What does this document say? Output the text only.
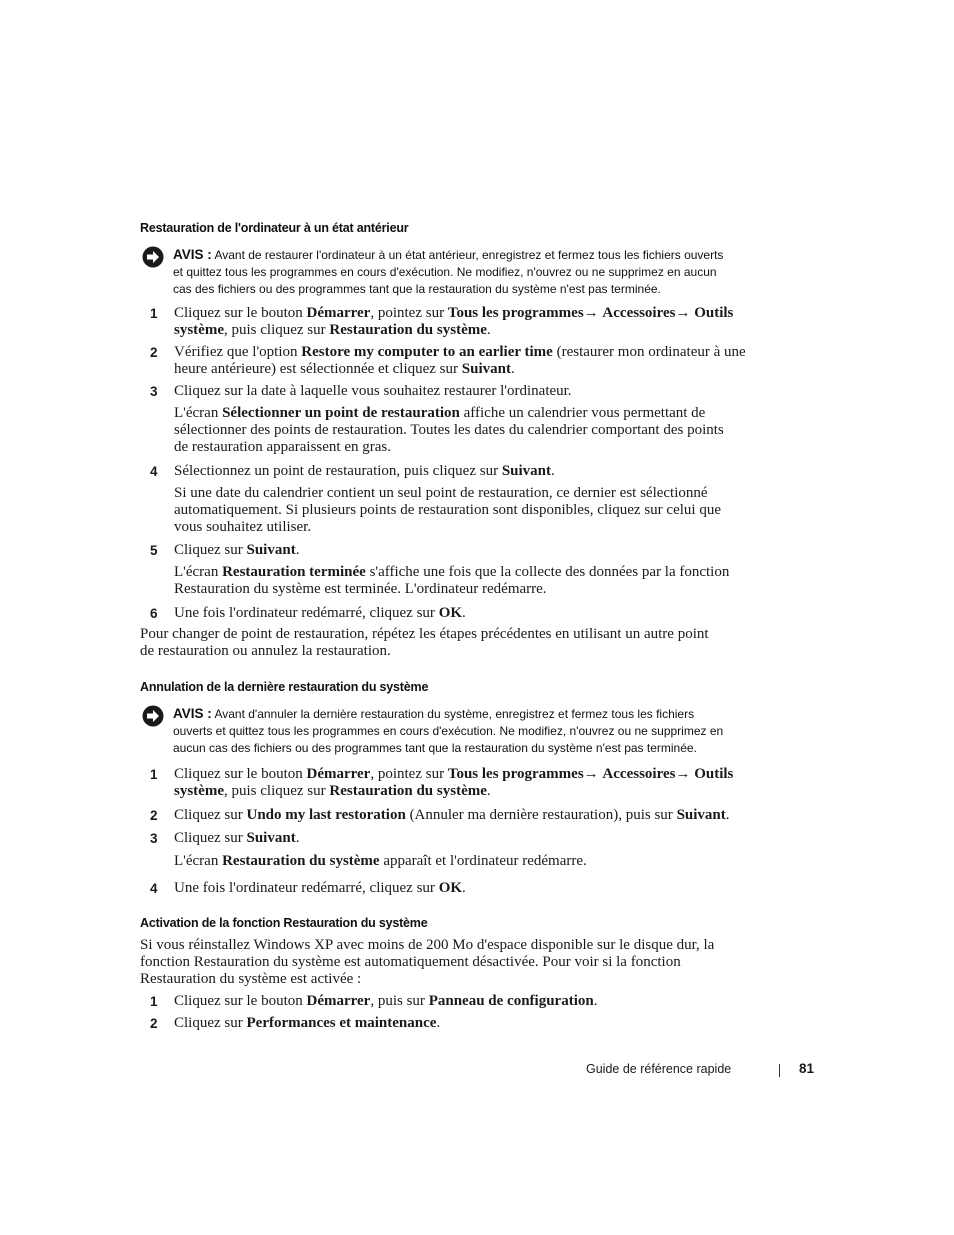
Restauration de l'ordinateur à un état antérieur
AVIS : Avant de restaurer l'ordinateur à un état antérieur, enregistrez et fermez tous les fichiers ouverts
et quittez tous les programmes en cours d'exécution. Ne modifiez, n'ouvrez ou ne supprimez en aucun
cas des fichiers ou des programmes tant que la restauration du système n'est pas terminée.
1 Cliquez sur le bouton Démarrer, pointez sur Tous les programmes→ Accessoires→ Outils
système, puis cliquez sur Restauration du système.
2 Vérifiez que l'option Restore my computer to an earlier time (restaurer mon ordinateur à une
heure antérieure) est sélectionnée et cliquez sur Suivant.
3 Cliquez sur la date à laquelle vous souhaitez restaurer l'ordinateur.
L'écran Sélectionner un point de restauration affiche un calendrier vous permettant de
sélectionner des points de restauration. Toutes les dates du calendrier comportant des points
de restauration apparaissent en gras.
4 Sélectionnez un point de restauration, puis cliquez sur Suivant.
Si une date du calendrier contient un seul point de restauration, ce dernier est sélectionné
automatiquement. Si plusieurs points de restauration sont disponibles, cliquez sur celui que
vous souhaitez utiliser.
5 Cliquez sur Suivant.
L'écran Restauration terminée s'affiche une fois que la collecte des données par la fonction
Restauration du système est terminée. L'ordinateur redémarre.
6 Une fois l'ordinateur redémarré, cliquez sur OK.
Pour changer de point de restauration, répétez les étapes précédentes en utilisant un autre point
de restauration ou annulez la restauration.
Annulation de la dernière restauration du système
AVIS : Avant d'annuler la dernière restauration du système, enregistrez et fermez tous les fichiers
ouverts et quittez tous les programmes en cours d'exécution. Ne modifiez, n'ouvrez ou ne supprimez en
aucun cas des fichiers ou des programmes tant que la restauration du système n'est pas terminée.
1 Cliquez sur le bouton Démarrer, pointez sur Tous les programmes→ Accessoires→ Outils
système, puis cliquez sur Restauration du système.
2 Cliquez sur Undo my last restoration (Annuler ma dernière restauration), puis sur Suivant.
3 Cliquez sur Suivant.
L'écran Restauration du système apparaît et l'ordinateur redémarre.
4 Une fois l'ordinateur redémarré, cliquez sur OK.
Activation de la fonction Restauration du système
Si vous réinstallez Windows XP avec moins de 200 Mo d'espace disponible sur le disque dur, la
fonction Restauration du système est automatiquement désactivée. Pour voir si la fonction
Restauration du système est activée :
1 Cliquez sur le bouton Démarrer, puis sur Panneau de configuration.
2 Cliquez sur Performances et maintenance.
Guide de référence rapide	81
